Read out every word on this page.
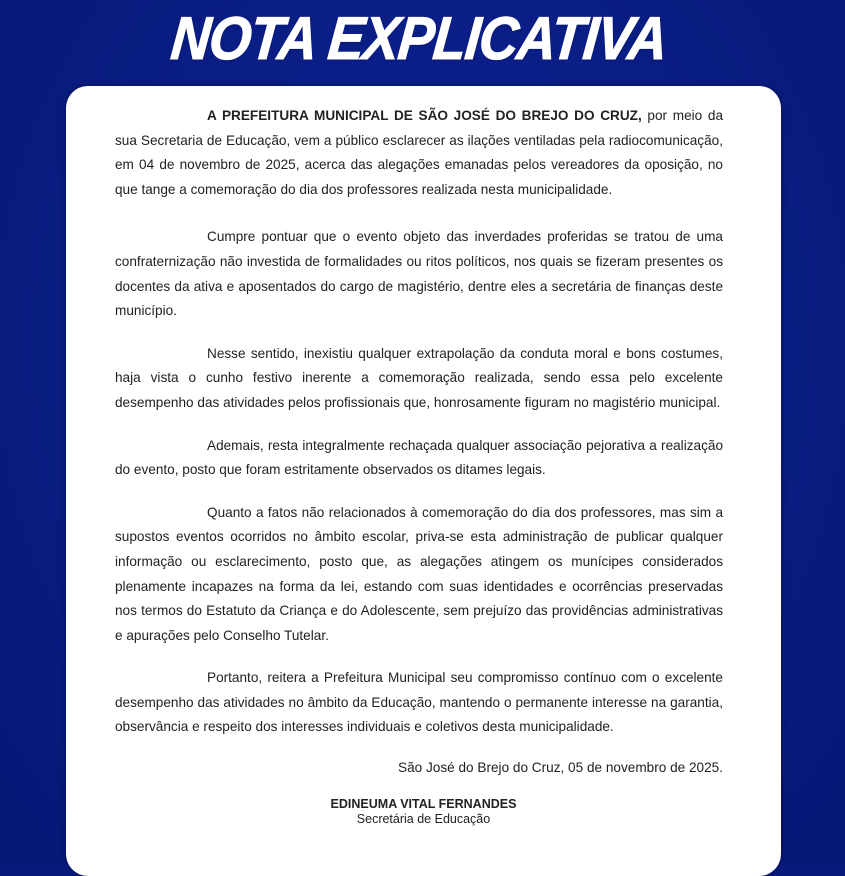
NOTA EXPLICATIVA

A PREFEITURA MUNICIPAL DE SÃO JOSÉ DO BREJO DO CRUZ, por meio da sua Secretaria de Educação, vem a público esclarecer as ilações ventiladas pela radiocomunicação, em 04 de novembro de 2025, acerca das alegações emanadas pelos vereadores da oposição, no que tange a comemoração do dia dos professores realizada nesta municipalidade.

Cumpre pontuar que o evento objeto das inverdades proferidas se tratou de uma confraternização não investida de formalidades ou ritos políticos, nos quais se fizeram presentes os docentes da ativa e aposentados do cargo de magistério, dentre eles a secretária de finanças deste município.

Nesse sentido, inexistiu qualquer extrapolação da conduta moral e bons costumes, haja vista o cunho festivo inerente a comemoração realizada, sendo essa pelo excelente desempenho das atividades pelos profissionais que, honrosamente figuram no magistério municipal.

Ademais, resta integralmente rechaçada qualquer associação pejorativa a realização do evento, posto que foram estritamente observados os ditames legais.

Quanto a fatos não relacionados à comemoração do dia dos professores, mas sim a supostos eventos ocorridos no âmbito escolar, priva-se esta administração de publicar qualquer informação ou esclarecimento, posto que, as alegações atingem os munícipes considerados plenamente incapazes na forma da lei, estando com suas identidades e ocorrências preservadas nos termos do Estatuto da Criança e do Adolescente, sem prejuízo das providências administrativas e apurações pelo Conselho Tutelar.

Portanto, reitera a Prefeitura Municipal seu compromisso contínuo com o excelente desempenho das atividades no âmbito da Educação, mantendo o permanente interesse na garantia, observância e respeito dos interesses individuais e coletivos desta municipalidade.

São José do Brejo do Cruz, 05 de novembro de 2025.
EDINEUMA VITAL FERNANDES
Secretária de Educação
